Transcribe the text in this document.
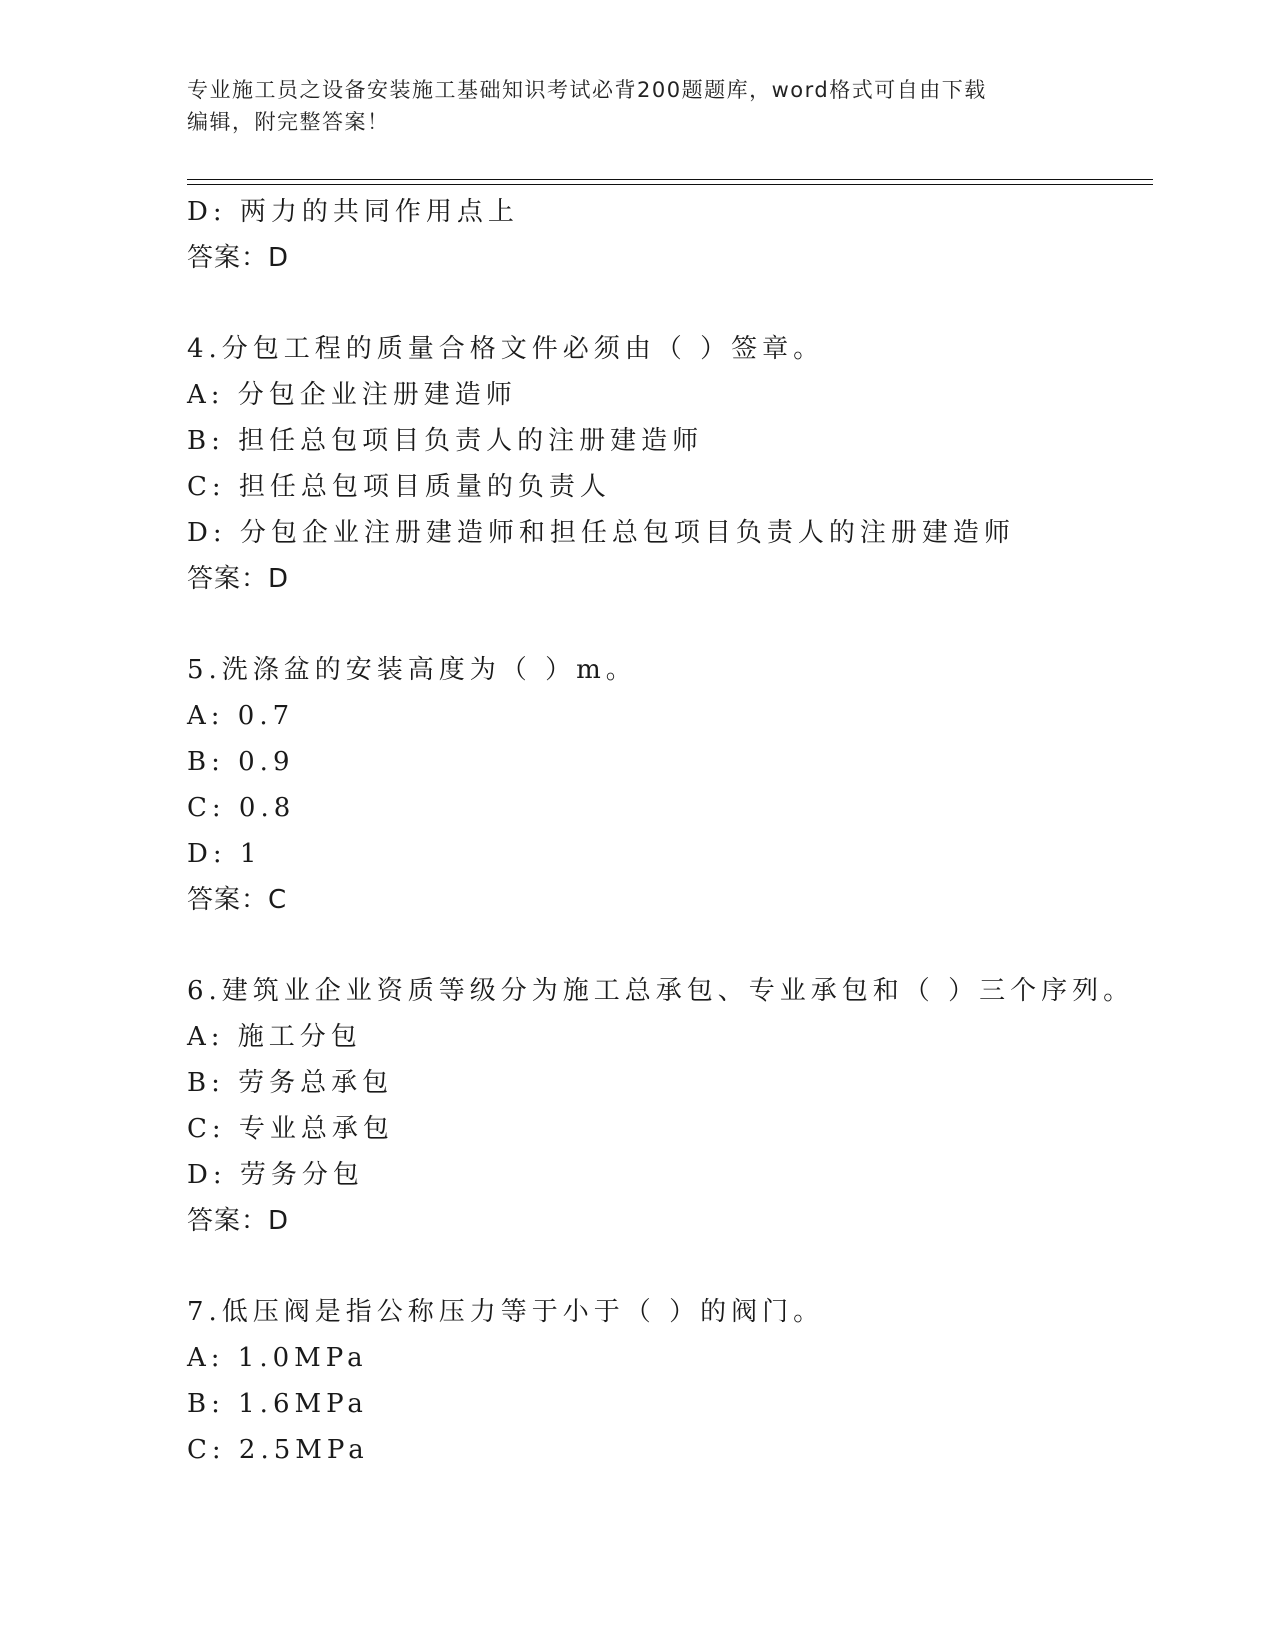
专业施工员之设备安装施工基础知识考试必背200题题库，word格式可自由下载
编辑，附完整答案！
D: 两力的共同作用点上
答案：D
4.分包工程的质量合格文件必须由（ ）签章。
A: 分包企业注册建造师
B: 担任总包项目负责人的注册建造师
C: 担任总包项目质量的负责人
D: 分包企业注册建造师和担任总包项目负责人的注册建造师
答案：D
5.洗涤盆的安装高度为（ ）m。
A: 0.7
B: 0.9
C: 0.8
D: 1
答案：C
6.建筑业企业资质等级分为施工总承包、专业承包和（ ）三个序列。
A: 施工分包
B: 劳务总承包
C: 专业总承包
D: 劳务分包
答案：D
7.低压阀是指公称压力等于小于（ ）的阀门。
A: 1.0MPa
B: 1.6MPa
C: 2.5MPa
